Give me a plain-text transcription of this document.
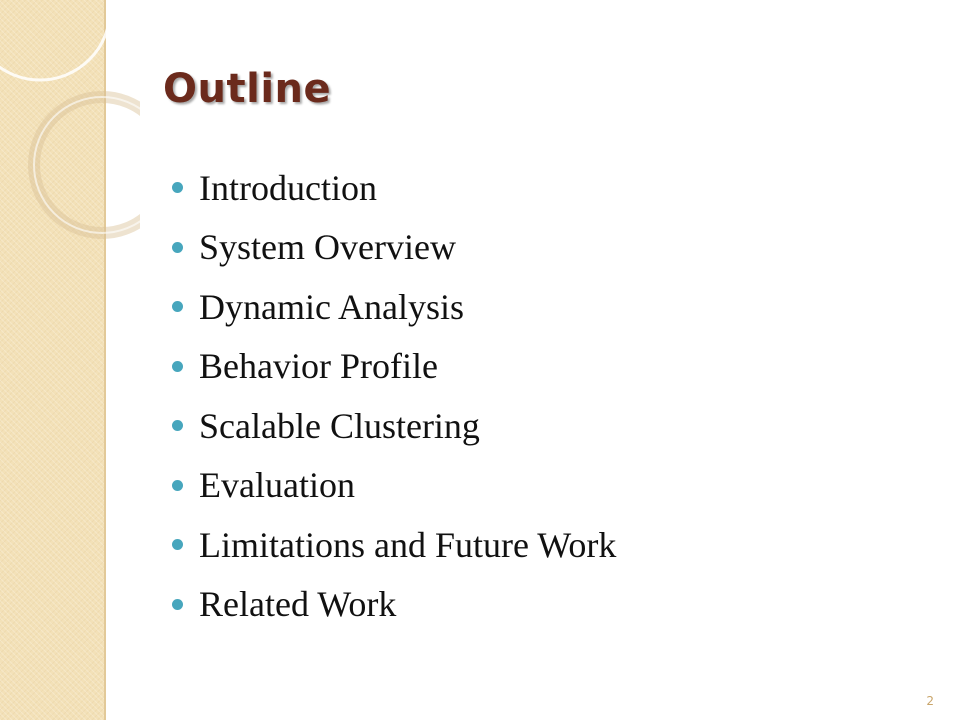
Outline
Introduction
System Overview
Dynamic Analysis
Behavior Profile
Scalable Clustering
Evaluation
Limitations and Future Work
Related Work
2
